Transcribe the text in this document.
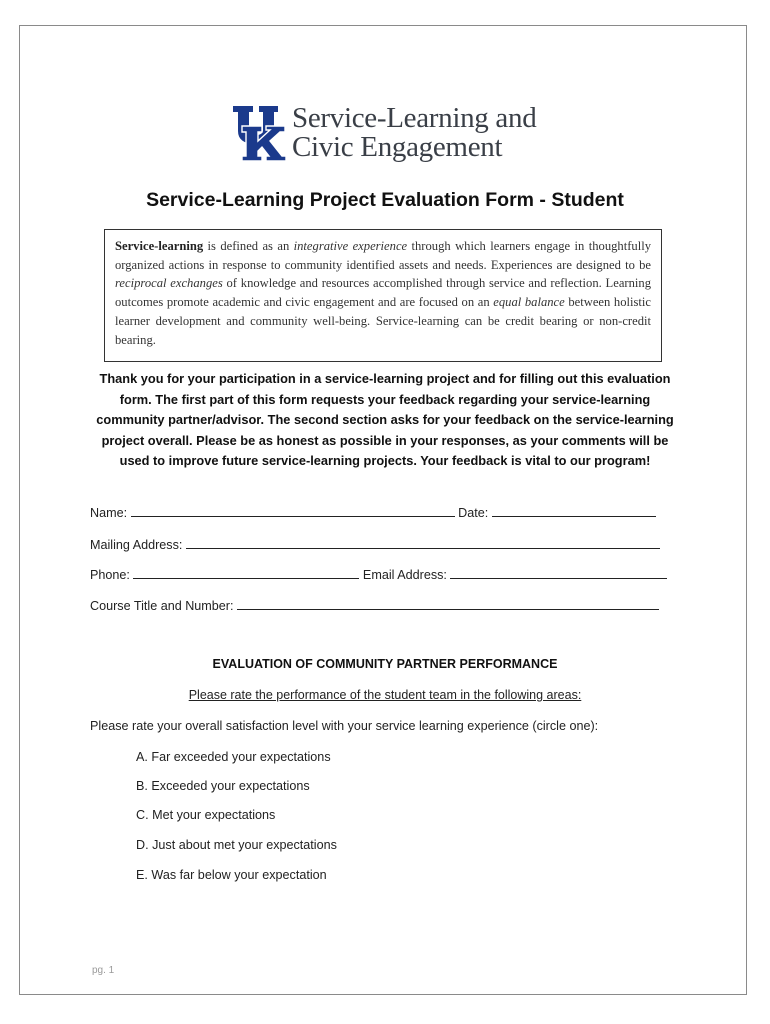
Service-Learning and
Civic Engagement
Service-Learning Project Evaluation Form - Student
Service-learning is defined as an integrative experience through which learners engage in thoughtfully organized actions in response to community identified assets and needs. Experiences are designed to be reciprocal exchanges of knowledge and resources accomplished through service and reflection. Learning outcomes promote academic and civic engagement and are focused on an equal balance between holistic learner development and community well-being. Service-learning can be credit bearing or non-credit bearing.
Thank you for your participation in a service-learning project and for filling out this evaluation form. The first part of this form requests your feedback regarding your service-learning community partner/advisor. The second section asks for your feedback on the service-learning project overall. Please be as honest as possible in your responses, as your comments will be used to improve future service-learning projects. Your feedback is vital to our program!
Name:	Date:
Mailing Address:
Phone:	Email Address:
Course Title and Number:
EVALUATION OF COMMUNITY PARTNER PERFORMANCE
Please rate the performance of the student team in the following areas:
Please rate your overall satisfaction level with your service learning experience (circle one):
A. Far exceeded your expectations
B. Exceeded your expectations
C. Met your expectations
D. Just about met your expectations
E. Was far below your expectation
pg. 1
